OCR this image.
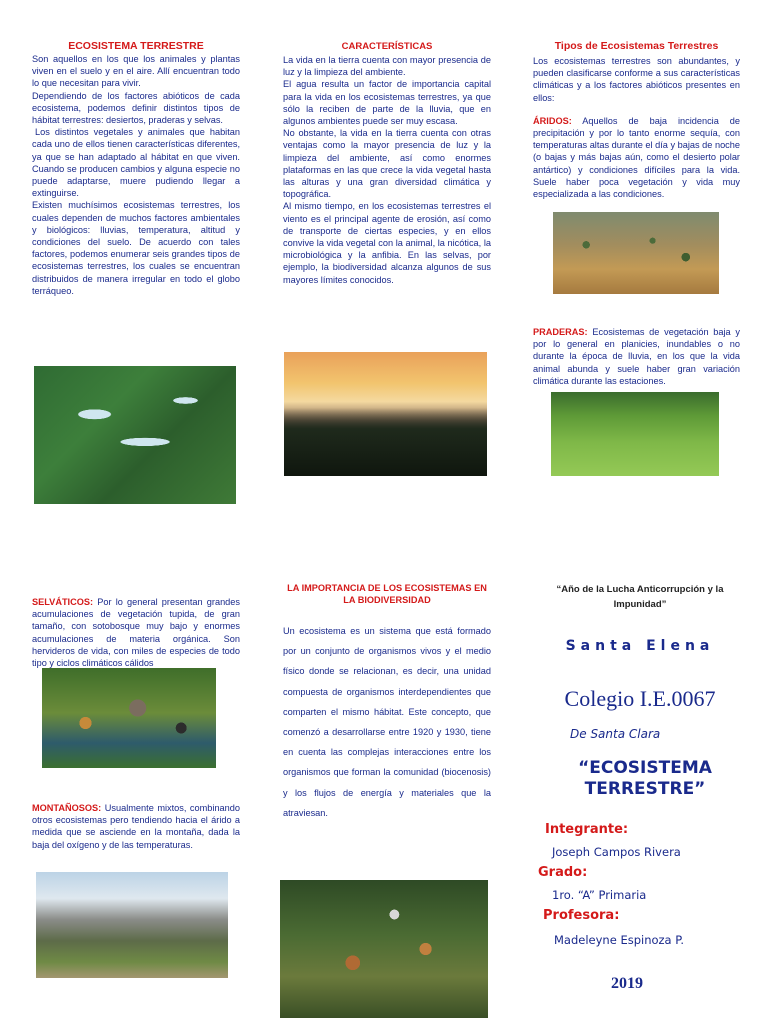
ECOSISTEMA TERRESTRE

Son aquellos en los que los animales y plantas viven en el suelo y en el aire. Allí encuentran todo lo que necesitan para vivir.

Dependiendo de los factores abióticos de cada ecosistema, podemos definir distintos tipos de hábitat terrestres: desiertos, praderas y selvas.

Los distintos vegetales y animales que habitan cada uno de ellos tienen características diferentes, ya que se han adaptado al hábitat en que viven. Cuando se producen cambios y alguna especie no puede adaptarse, muere pudiendo llegar a extinguirse.

Existen muchísimos ecosistemas terrestres, los cuales dependen de muchos factores ambientales y biológicos: lluvias, temperatura, altitud y condiciones del suelo. De acuerdo con tales factores, podemos enumerar seis grandes tipos de ecosistemas terrestres, los cuales se encuentran distribuidos de manera irregular en todo el globo terráqueo.

CARACTERÍSTICAS

La vida en la tierra cuenta con mayor presencia de luz y la limpieza del ambiente.

El agua resulta un factor de importancia capital para la vida en los ecosistemas terrestres, ya que sólo la reciben de parte de la lluvia, que en algunos ambientes puede ser muy escasa.

No obstante, la vida en la tierra cuenta con otras ventajas como la mayor presencia de luz y la limpieza del ambiente, así como enormes plataformas en las que crece la vida vegetal hasta las alturas y una gran diversidad climática y topográfica.

Al mismo tiempo, en los ecosistemas terrestres el viento es el principal agente de erosión, así como de transporte de ciertas especies, y en ellos convive la vida vegetal con la animal, la nicótica, la microbiológica y la anfibia. En las selvas, por ejemplo, la biodiversidad alcanza algunos de sus mayores límites conocidos.

Tipos de Ecosistemas Terrestres

Los ecosistemas terrestres son abundantes, y pueden clasificarse conforme a sus características climáticas y a los factores abióticos presentes en ellos:

ÁRIDOS: Aquellos de baja incidencia de precipitación y por lo tanto enorme sequía, con temperaturas altas durante el día y bajas de noche (o bajas y más bajas aún, como el desierto polar antártico) y condiciones difíciles para la vida. Suele haber poca vegetación y vida muy especializada a las condiciones.

PRADERAS: Ecosistemas de vegetación baja y por lo general en planicies, inundables o no durante la época de lluvia, en los que la vida animal abunda y suele haber gran variación climática durante las estaciones.

SELVÁTICOS: Por lo general presentan grandes acumulaciones de vegetación tupida, de gran tamaño, con sotobosque muy bajo y enormes acumulaciones de materia orgánica. Son hervideros de vida, con miles de especies de todo tipo y ciclos climáticos cálidos

MONTAÑOSOS: Usualmente mixtos, combinando otros ecosistemas pero tendiendo hacia el árido a medida que se asciende en la montaña, dada la baja del oxígeno y de las temperaturas.

LA IMPORTANCIA DE LOS ECOSISTEMAS EN LA BIODIVERSIDAD

Un ecosistema es un sistema que está formado por un conjunto de organismos vivos y el medio físico donde se relacionan, es decir, una unidad compuesta de organismos interdependientes que comparten el mismo hábitat. Este concepto, que comenzó a desarrollarse entre 1920 y 1930, tiene en cuenta las complejas interacciones entre los organismos que forman la comunidad (biocenosis) y los flujos de energía y materiales que la atraviesan.

“Año de la Lucha Anticorrupción y la Impunidad”
Santa Elena
Colegio I.E.0067
De Santa Clara
“ECOSISTEMA TERRESTRE”
Integrante:
Joseph Campos Rivera
Grado:
1ro. “A” Primaria
Profesora:
Madeleyne Espinoza P.
2019
